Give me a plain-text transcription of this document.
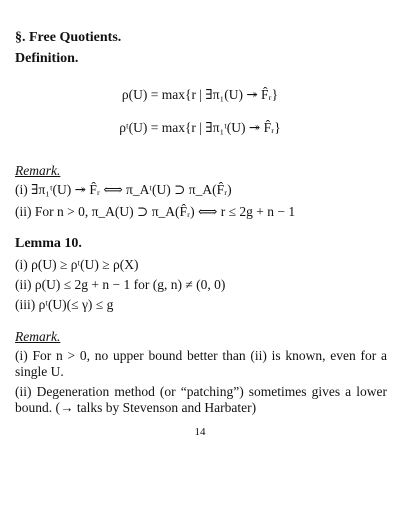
§. Free Quotients.
Definition.
ρ(U) = max{r | ∃π₁(U) ↠ F̂ᵣ}
ρᵗ(U) = max{r | ∃π₁ᵗ(U) ↠ F̂ᵣ}
Remark.
(i) ∃π₁ᵗ(U) ↠ F̂ᵣ ⟺ π_Aᵗ(U) ⊃ π_A(F̂ᵣ)
(ii) For n > 0, π_A(U) ⊃ π_A(F̂ᵣ) ⟺ r ≤ 2g + n − 1
Lemma 10.
(i) ρ(U) ≥ ρᵗ(U) ≥ ρ(X)
(ii) ρ(U) ≤ 2g + n − 1 for (g, n) ≠ (0, 0)
(iii) ρᵗ(U)(≤ γ) ≤ g
Remark.
(i) For n > 0, no upper bound better than (ii) is known, even for a single U.
(ii) Degeneration method (or “patching”) sometimes gives a lower bound. (→ talks by Stevenson and Harbater)
14
